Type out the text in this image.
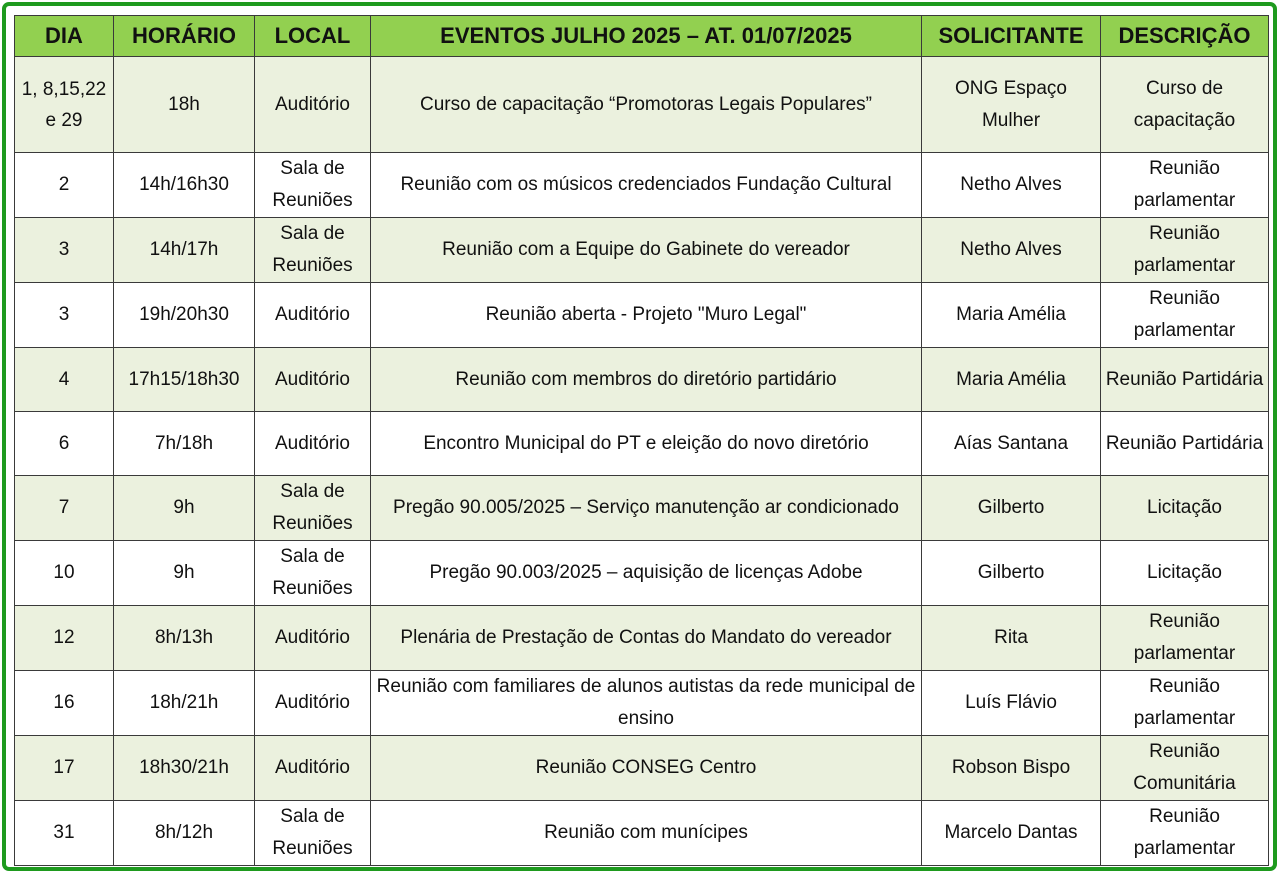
DIA	HORÁRIO	LOCAL	EVENTOS JULHO 2025 – AT. 01/07/2025	SOLICITANTE	DESCRIÇÃO
1, 8,15,22 e 29	18h	Auditório	Curso de capacitação “Promotoras Legais Populares”	ONG Espaço Mulher	Curso de capacitação
2	14h/16h30	Sala de Reuniões	Reunião com os músicos credenciados Fundação Cultural	Netho Alves	Reunião parlamentar
3	14h/17h	Sala de Reuniões	Reunião com a Equipe do Gabinete do vereador	Netho Alves	Reunião parlamentar
3	19h/20h30	Auditório	Reunião aberta - Projeto "Muro Legal"	Maria Amélia	Reunião parlamentar
4	17h15/18h30	Auditório	Reunião com membros do diretório partidário	Maria Amélia	Reunião Partidária
6	7h/18h	Auditório	Encontro Municipal do PT e eleição do novo diretório	Aías Santana	Reunião Partidária
7	9h	Sala de Reuniões	Pregão 90.005/2025 – Serviço manutenção ar condicionado	Gilberto	Licitação
10	9h	Sala de Reuniões	Pregão 90.003/2025 – aquisição de licenças Adobe	Gilberto	Licitação
12	8h/13h	Auditório	Plenária de Prestação de Contas do Mandato do vereador	Rita	Reunião parlamentar
16	18h/21h	Auditório	Reunião com familiares de alunos autistas da rede municipal de ensino	Luís Flávio	Reunião parlamentar
17	18h30/21h	Auditório	Reunião CONSEG Centro	Robson Bispo	Reunião Comunitária
31	8h/12h	Sala de Reuniões	Reunião com munícipes	Marcelo Dantas	Reunião parlamentar
